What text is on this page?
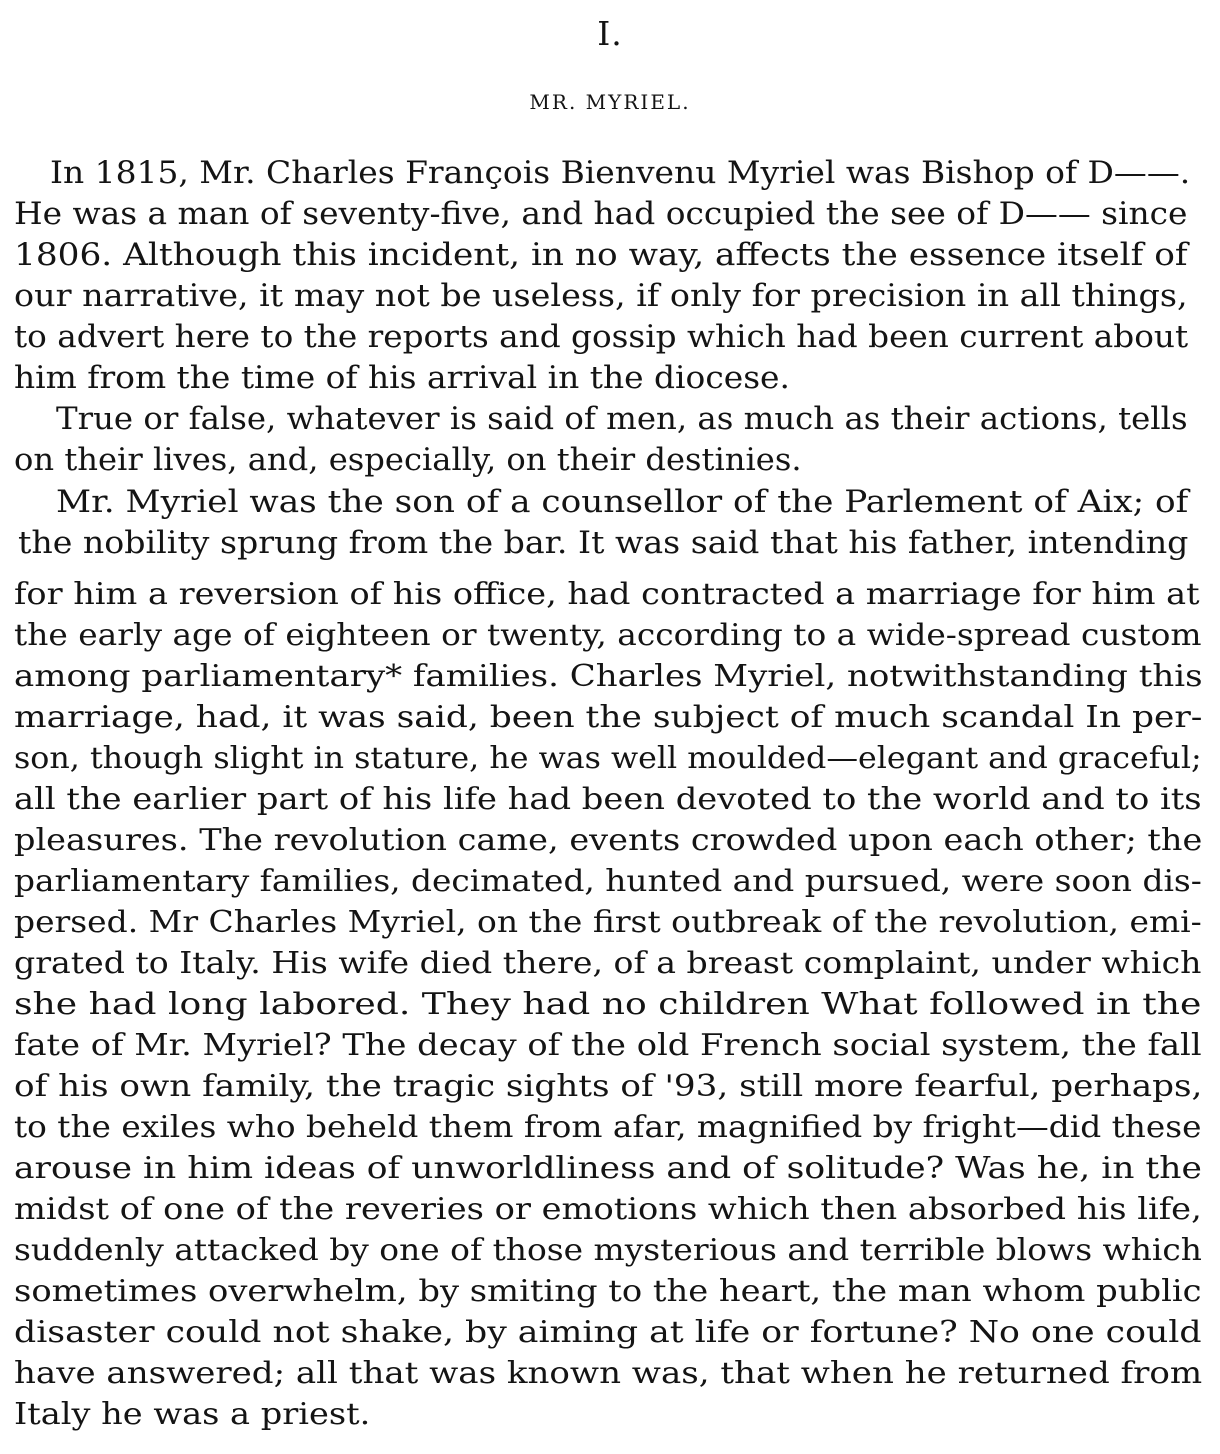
I.
MR. MYRIEL.
In 1815, Mr. Charles François Bienvenu Myriel was Bishop of D——.
He was a man of seventy-five, and had occupied the see of D—— since
1806. Although this incident, in no way, affects the essence itself of
our narrative, it may not be useless, if only for precision in all things,
to advert here to the reports and gossip which had been current about
him from the time of his arrival in the diocese.
True or false, whatever is said of men, as much as their actions, tells
on their lives, and, especially, on their destinies.
Mr. Myriel was the son of a counsellor of the Parlement of Aix; of
the nobility sprung from the bar. It was said that his father, intending
for him a reversion of his office, had contracted a marriage for him at
the early age of eighteen or twenty, according to a wide-spread custom
among parliamentary* families. Charles Myriel, notwithstanding this
marriage, had, it was said, been the subject of much scandal In per-
son, though slight in stature, he was well moulded—elegant and graceful;
all the earlier part of his life had been devoted to the world and to its
pleasures. The revolution came, events crowded upon each other; the
parliamentary families, decimated, hunted and pursued, were soon dis-
persed. Mr Charles Myriel, on the first outbreak of the revolution, emi-
grated to Italy. His wife died there, of a breast complaint, under which
she had long labored. They had no children What followed in the
fate of Mr. Myriel? The decay of the old French social system, the fall
of his own family, the tragic sights of '93, still more fearful, perhaps,
to the exiles who beheld them from afar, magnified by fright—did these
arouse in him ideas of unworldliness and of solitude? Was he, in the
midst of one of the reveries or emotions which then absorbed his life,
suddenly attacked by one of those mysterious and terrible blows which
sometimes overwhelm, by smiting to the heart, the man whom public
disaster could not shake, by aiming at life or fortune? No one could
have answered; all that was known was, that when he returned from
Italy he was a priest.
